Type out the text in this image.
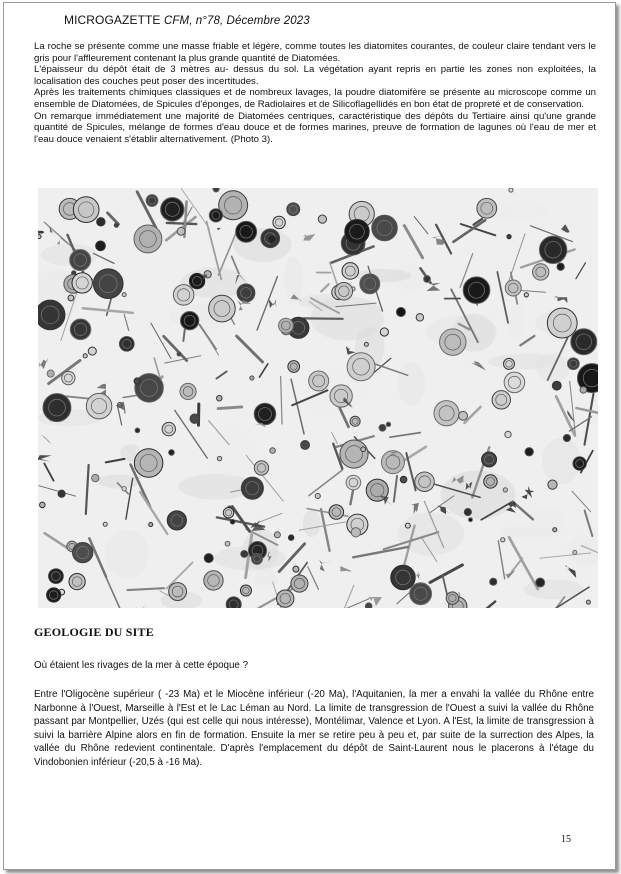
MICROGAZETTE CFM, n°78, Décembre 2023

La roche se présente comme une masse friable et légère, comme toutes les diatomites courantes, de couleur claire tendant vers le gris pour l'affleurement contenant la plus grande quantité de Diatomées.

L'épaisseur du dépôt était de 3 mètres au- dessus du sol. La végétation ayant repris en partie les zones non exploitées, la localisation des couches peut poser des incertitudes.

Après les traitements chimiques classiques et de nombreux lavages, la poudre diatomifère se présente au microscope comme un ensemble de Diatomées, de Spicules d'éponges, de Radiolaires et de Silicoflagellidés en bon état de propreté et de conservation.

On remarque immédiatement une majorité de Diatomées centriques, caractéristique des dépôts du Tertiaire ainsi qu'une grande quantité de Spicules, mélange de formes d'eau douce et de formes marines, preuve de formation de lagunes où l'eau de mer et l'eau douce venaient s'établir alternativement. (Photo 3).

GEOLOGIE DU SITE
Où étaient les rivages de la mer à cette époque ?
Entre l'Oligocène supérieur ( -23 Ma) et le Miocène inférieur (-20 Ma), l'Aquitanien, la mer a envahi la vallée du Rhône entre Narbonne à l'Ouest, Marseille à l'Est et le Lac Léman au Nord. La limite de transgression de l'Ouest a suivi la vallée du Rhône passant par Montpellier, Uzés (qui est celle qui nous intéresse), Montélimar, Valence et Lyon. A l'Est, la limite de transgression à suivi la barrière Alpine alors en fin de formation. Ensuite la mer se retire peu à peu et, par suite de la surrection des Alpes, la vallée du Rhône redevient continentale. D'après l'emplacement du dépôt de Saint-Laurent nous le placerons à l'étage du Vindobonien inférieur (-20,5 à -16 Ma).
15
